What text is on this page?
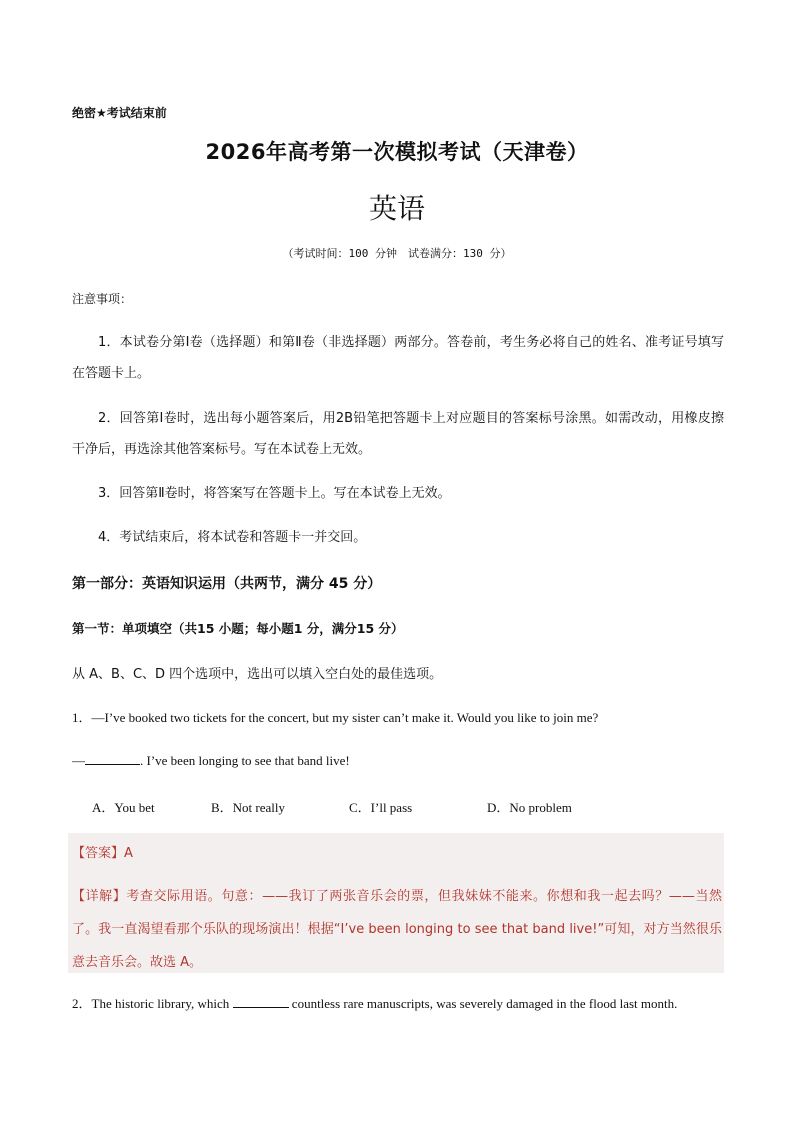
绝密★考试结束前
2026年高考第一次模拟考试（天津卷）
英语
（考试时间：100 分钟　试卷满分：130 分）
注意事项：
1．本试卷分第Ⅰ卷（选择题）和第Ⅱ卷（非选择题）两部分。答卷前，考生务必将自己的姓名、准考证号填写在答题卡上。
2．回答第Ⅰ卷时，选出每小题答案后，用2B铅笔把答题卡上对应题目的答案标号涂黑。如需改动，用橡皮擦干净后，再选涂其他答案标号。写在本试卷上无效。
3．回答第Ⅱ卷时，将答案写在答题卡上。写在本试卷上无效。
4．考试结束后，将本试卷和答题卡一并交回。
第一部分：英语知识运用（共两节，满分 45 分）
第一节：单项填空（共15 小题；每小题1 分，满分15 分）
从 A、B、C、D 四个选项中，选出可以填入空白处的最佳选项。
1．—I’ve booked two tickets for the concert, but my sister can’t make it. Would you like to join me?
—	. I’ve been longing to see that band live!
A．You bet	B．Not really	C．I’ll pass	D．No problem
【答案】A
【详解】考查交际用语。句意：——我订了两张音乐会的票，但我妹妹不能来。你想和我一起去吗？——当然了。我一直渴望看那个乐队的现场演出！根据“I’ve been longing to see that band live!”可知，对方当然很乐意去音乐会。故选 A。
2．The historic library, which	countless rare manuscripts, was severely damaged in the flood last month.
